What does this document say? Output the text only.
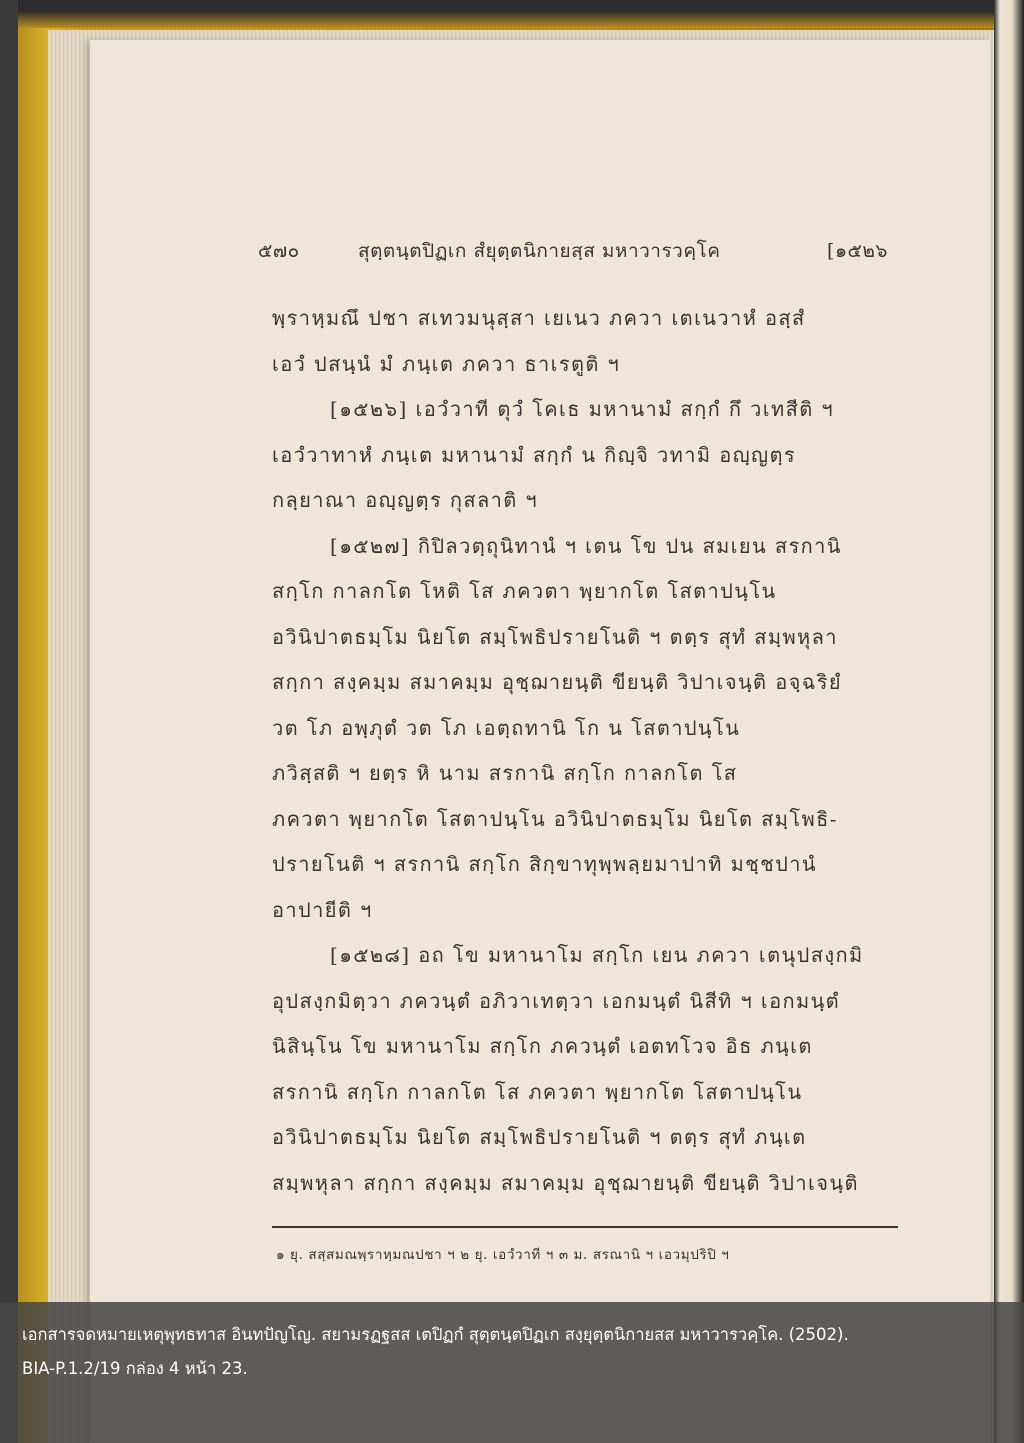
๕๗๐	สุตฺตนฺตปิฏเก สํยุตฺตนิกายสฺส มหาวารวคฺโค	[๑๕๒๖
พฺราหฺมณึ ปชา สเทวมนุสฺสา เยเนว ภควา เตเนวาหํ อสฺสํ
เอวํ ปสนฺนํ มํ ภนฺเต ภควา ธาเรตูติ ฯ
[๑๕๒๖] เอวํวาที ตุวํ โคเธ มหานามํ สกฺกํ กึ วเทสีติ ฯ
เอวํวาทาหํ ภนฺเต มหานามํ สกฺกํ น กิญฺจิ วทามิ อญฺญตฺร
กลฺยาณา อญฺญตฺร กุสลาติ ฯ
[๑๕๒๗] กิปิลวตฺถุนิทานํ ฯ เตน โข ปน สมเยน สรกานิ
สกฺโก กาลกโต โหติ โส ภควตา พฺยากโต โสตาปนฺโน
อวินิปาตธมฺโม นิยโต สมฺโพธิปรายโนติ ฯ ตตฺร สุทํ สมฺพหุลา
สกฺกา สงฺคมฺม สมาคมฺม อุชฺฌายนฺติ ขียนฺติ วิปาเจนฺติ อจฺฉริยํ
วต โภ อพฺภุตํ วต โภ เอตฺถทานิ โก น โสตาปนฺโน
ภวิสฺสติ ฯ ยตฺร หิ นาม สรกานิ สกฺโก กาลกโต โส
ภควตา พฺยากโต โสตาปนฺโน อวินิปาตธมฺโม นิยโต สมฺโพธิ-
ปรายโนติ ฯ สรกานิ สกฺโก สิกฺขาทุพฺพลฺยมาปาทิ มชฺชปานํ
อาปายีติ ฯ
[๑๕๒๘] อถ โข มหานาโม สกฺโก เยน ภควา เตนุปสงฺกมิ
อุปสงฺกมิตฺวา ภควนฺตํ อภิวาเทตฺวา เอกมนฺตํ นิสีทิ ฯ เอกมนฺตํ
นิสินฺโน โข มหานาโม สกฺโก ภควนฺตํ เอตทโวจ อิธ ภนฺเต
สรกานิ สกฺโก กาลกโต โส ภควตา พฺยากโต โสตาปนฺโน
อวินิปาตธมฺโม นิยโต สมฺโพธิปรายโนติ ฯ ตตฺร สุทํ ภนฺเต
สมฺพหุลา สกฺกา สงฺคมฺม สมาคมฺม อุชฺฌายนฺติ ขียนฺติ วิปาเจนฺติ
๑ ยุ. สสฺสมณพฺราหฺมณปชา ฯ ๒ ยุ. เอวํวาที ฯ ๓ ม. สรณานิ ฯ เอวมุปริปิ ฯ
เอกสารจดหมายเหตุพุทธทาส อินทปัญโญ. สยามรฏฐสส เตปิฏกํ สุตฺตนฺตปิฏเก สงฺยุตฺตนิกายสส มหาวารวคฺโค. (2502).
BIA-P.1.2/19 กล่อง 4 หน้า 23.
